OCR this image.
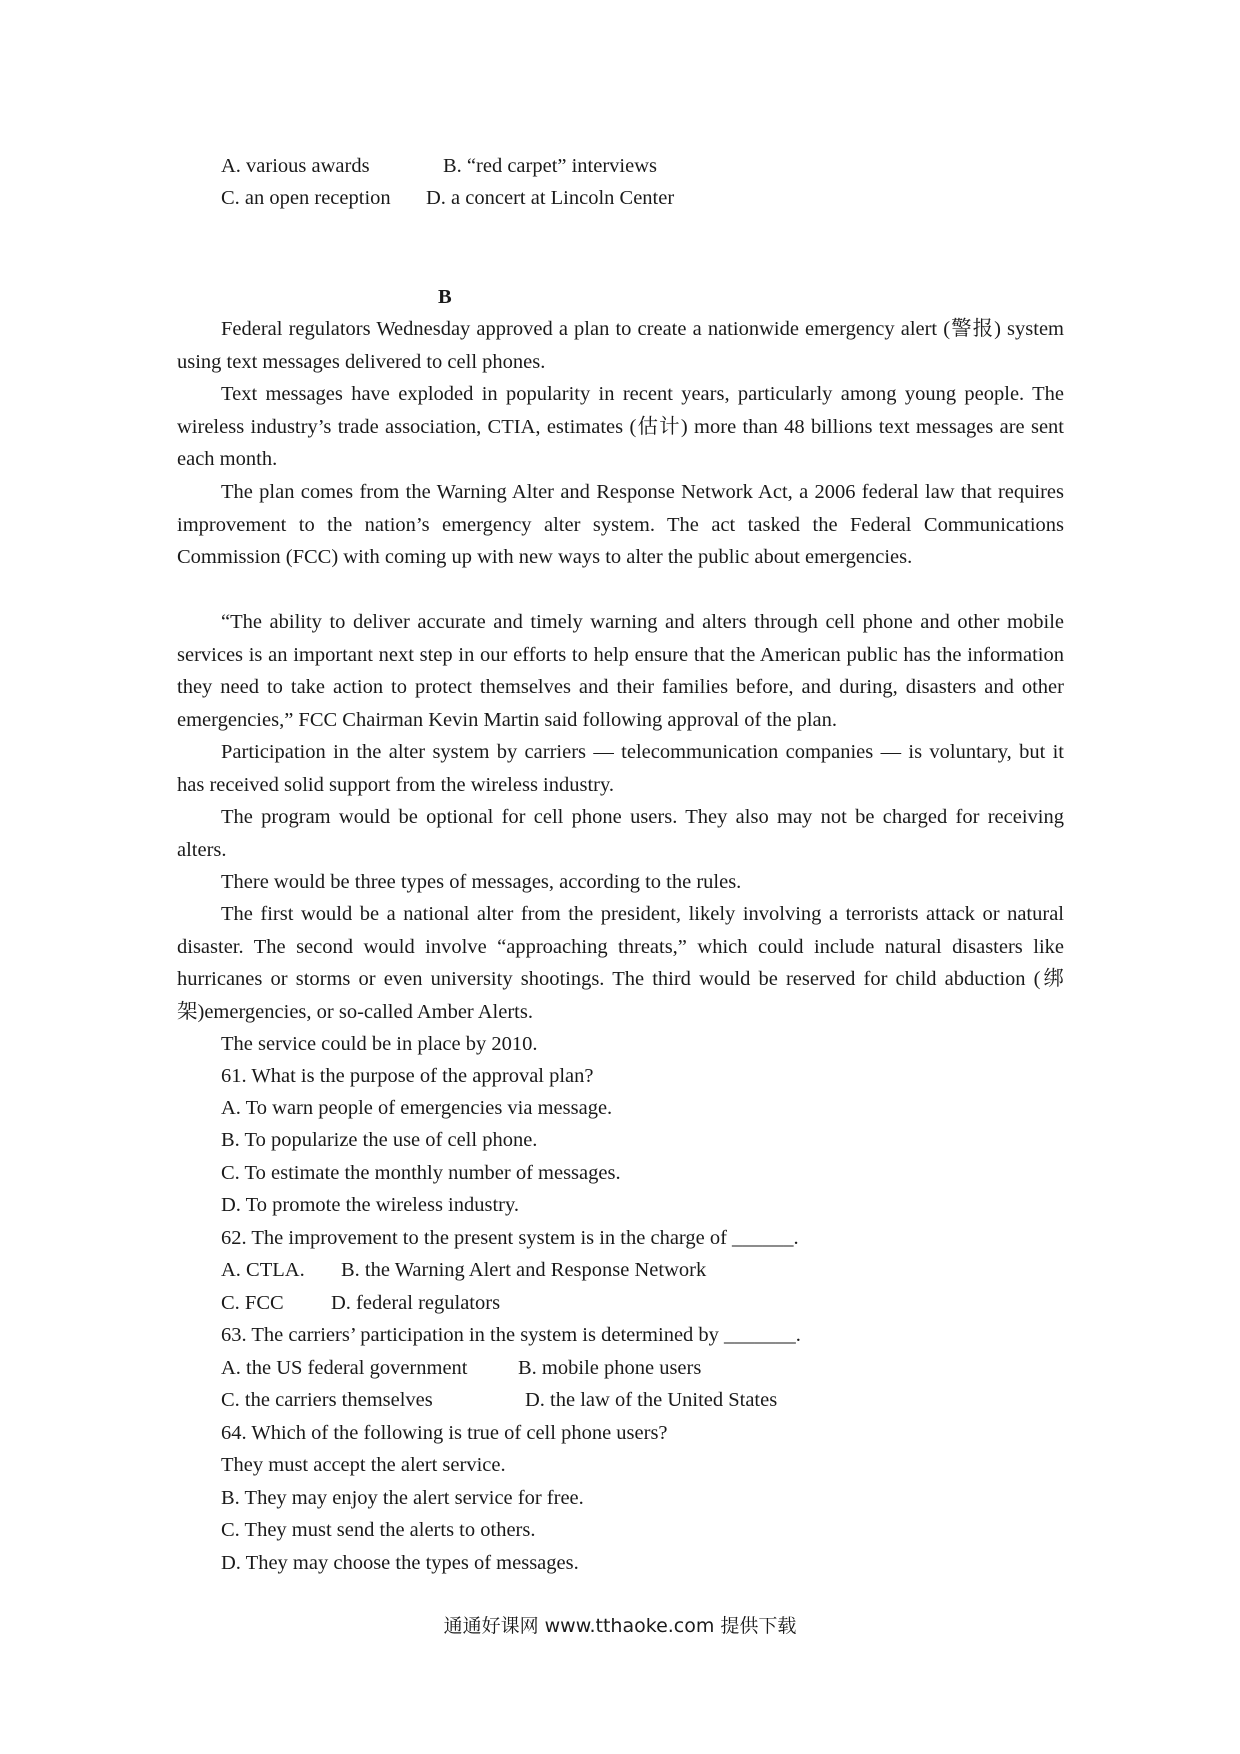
A. various awards

	B. “red carpet” interviews

C. an open reception

D. a concert at Lincoln Center

B
Federal regulators Wednesday approved a plan to create a nationwide emergency alert (警报) system using text messages delivered to cell phones.
Text messages have exploded in popularity in recent years, particularly among young people. The wireless industry’s trade association, CTIA, estimates (估计) more than 48 billions text messages are sent each month.
The plan comes from the Warning Alter and Response Network Act, a 2006 federal law that requires improvement to the nation’s emergency alter system. The act tasked the Federal Communications Commission (FCC) with coming up with new ways to alter the public about emergencies.
“The ability to deliver accurate and timely warning and alters through cell phone and other mobile services is an important next step in our efforts to help ensure that the American public has the information they need to take action to protect themselves and their families before, and during, disasters and other emergencies,” FCC Chairman Kevin Martin said following approval of the plan.
Participation in the alter system by carriers — telecommunication companies — is voluntary, but it has received solid support from the wireless industry.
The program would be optional for cell phone users. They also may not be charged for receiving alters.
There would be three types of messages, according to the rules.
The first would be a national alter from the president, likely involving a terrorists attack or natural disaster. The second would involve “approaching threats,” which could include natural disasters like hurricanes or storms or even university shootings. The third would be reserved for child abduction (绑架)emergencies, or so-called Amber Alerts.
The service could be in place by 2010.
61. What is the purpose of the approval plan?
A. To warn people of emergencies via message.
B. To popularize the use of cell phone.
C. To estimate the monthly number of messages.
D. To promote the wireless industry.
62. The improvement to the present system is in the charge of ______.

A. CTLA.

B. the Warning Alert and Response Network

C. FCC

D. federal regulators

63. The carriers’ participation in the system is determined by _______.

A. the US federal government

B. mobile phone users

C. the carriers themselves

	D. the law of the United States

64. Which of the following is true of cell phone users?
They must accept the alert service.
B. They may enjoy the alert service for free.
C. They must send the alerts to others.
D. They may choose the types of messages.
通通好课网 www.tthaoke.com 提供下载
